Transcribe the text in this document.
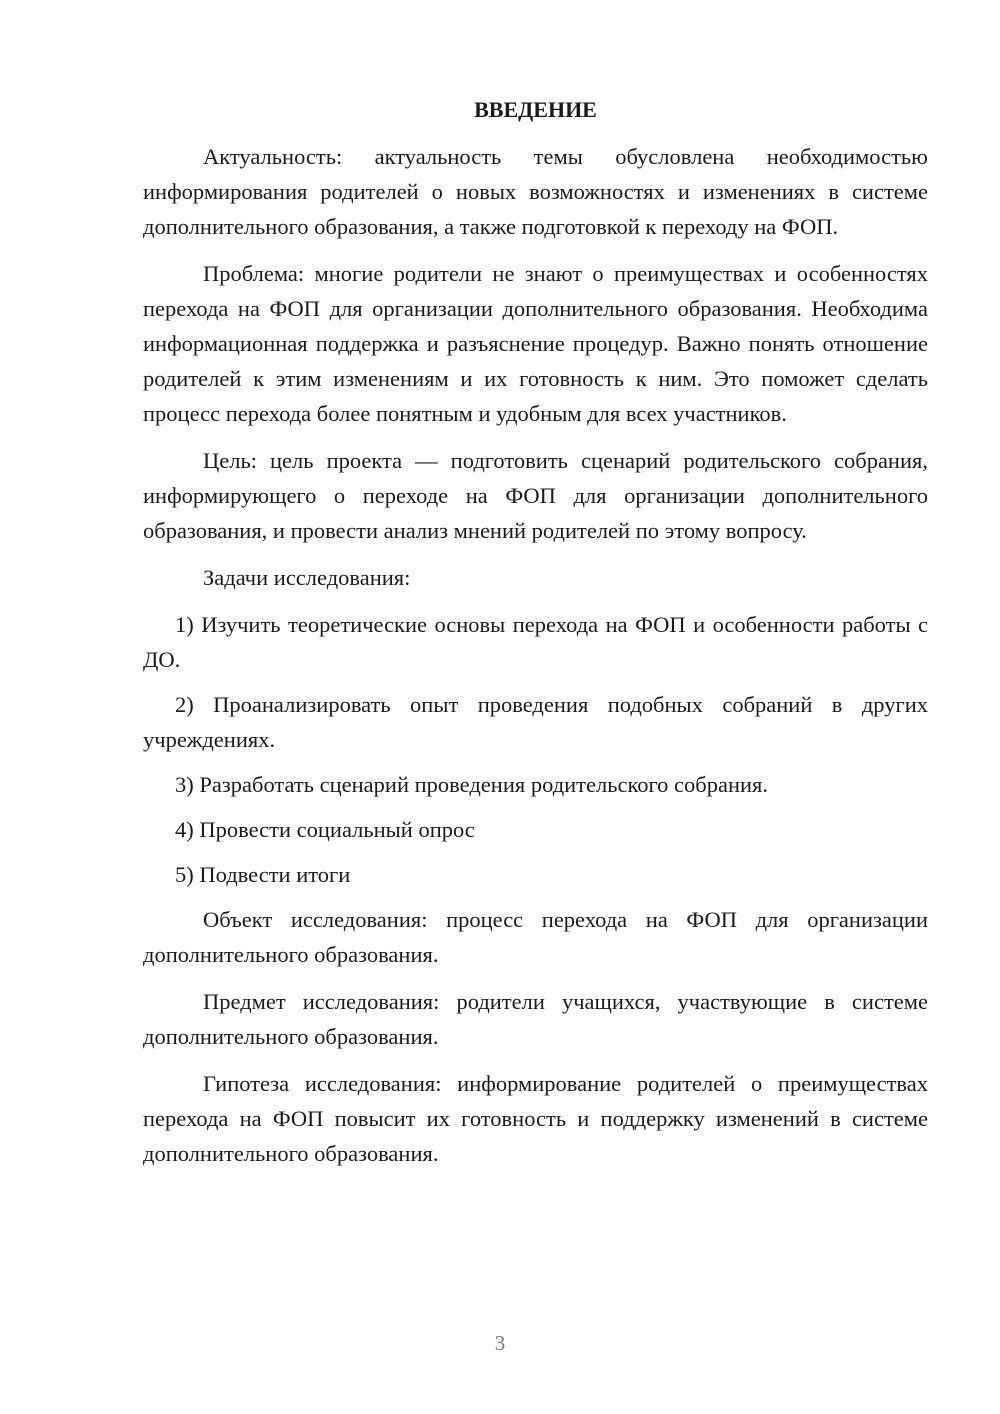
ВВЕДЕНИЕ

Актуальность: актуальность темы обусловлена необходимостью информирования родителей о новых возможностях и изменениях в системе дополнительного образования, а также подготовкой к переходу на ФОП.

Проблема: многие родители не знают о преимуществах и особенностях перехода на ФОП для организации дополнительного образования. Необходима информационная поддержка и разъяснение процедур. Важно понять отношение родителей к этим изменениям и их готовность к ним. Это поможет сделать процесс перехода более понятным и удобным для всех участников.

Цель: цель проекта — подготовить сценарий родительского собрания, информирующего о переходе на ФОП для организации дополнительного образования, и провести анализ мнений родителей по этому вопросу.

Задачи исследования:

1) Изучить теоретические основы перехода на ФОП и особенности работы с ДО.

2) Проанализировать опыт проведения подобных собраний в других учреждениях.

3) Разработать сценарий проведения родительского собрания.

4) Провести социальный опрос

5) Подвести итоги

Объект исследования: процесс перехода на ФОП для организации дополнительного образования.

Предмет исследования: родители учащихся, участвующие в системе дополнительного образования.

Гипотеза исследования: информирование родителей о преимуществах перехода на ФОП повысит их готовность и поддержку изменений в системе дополнительного образования.

3
